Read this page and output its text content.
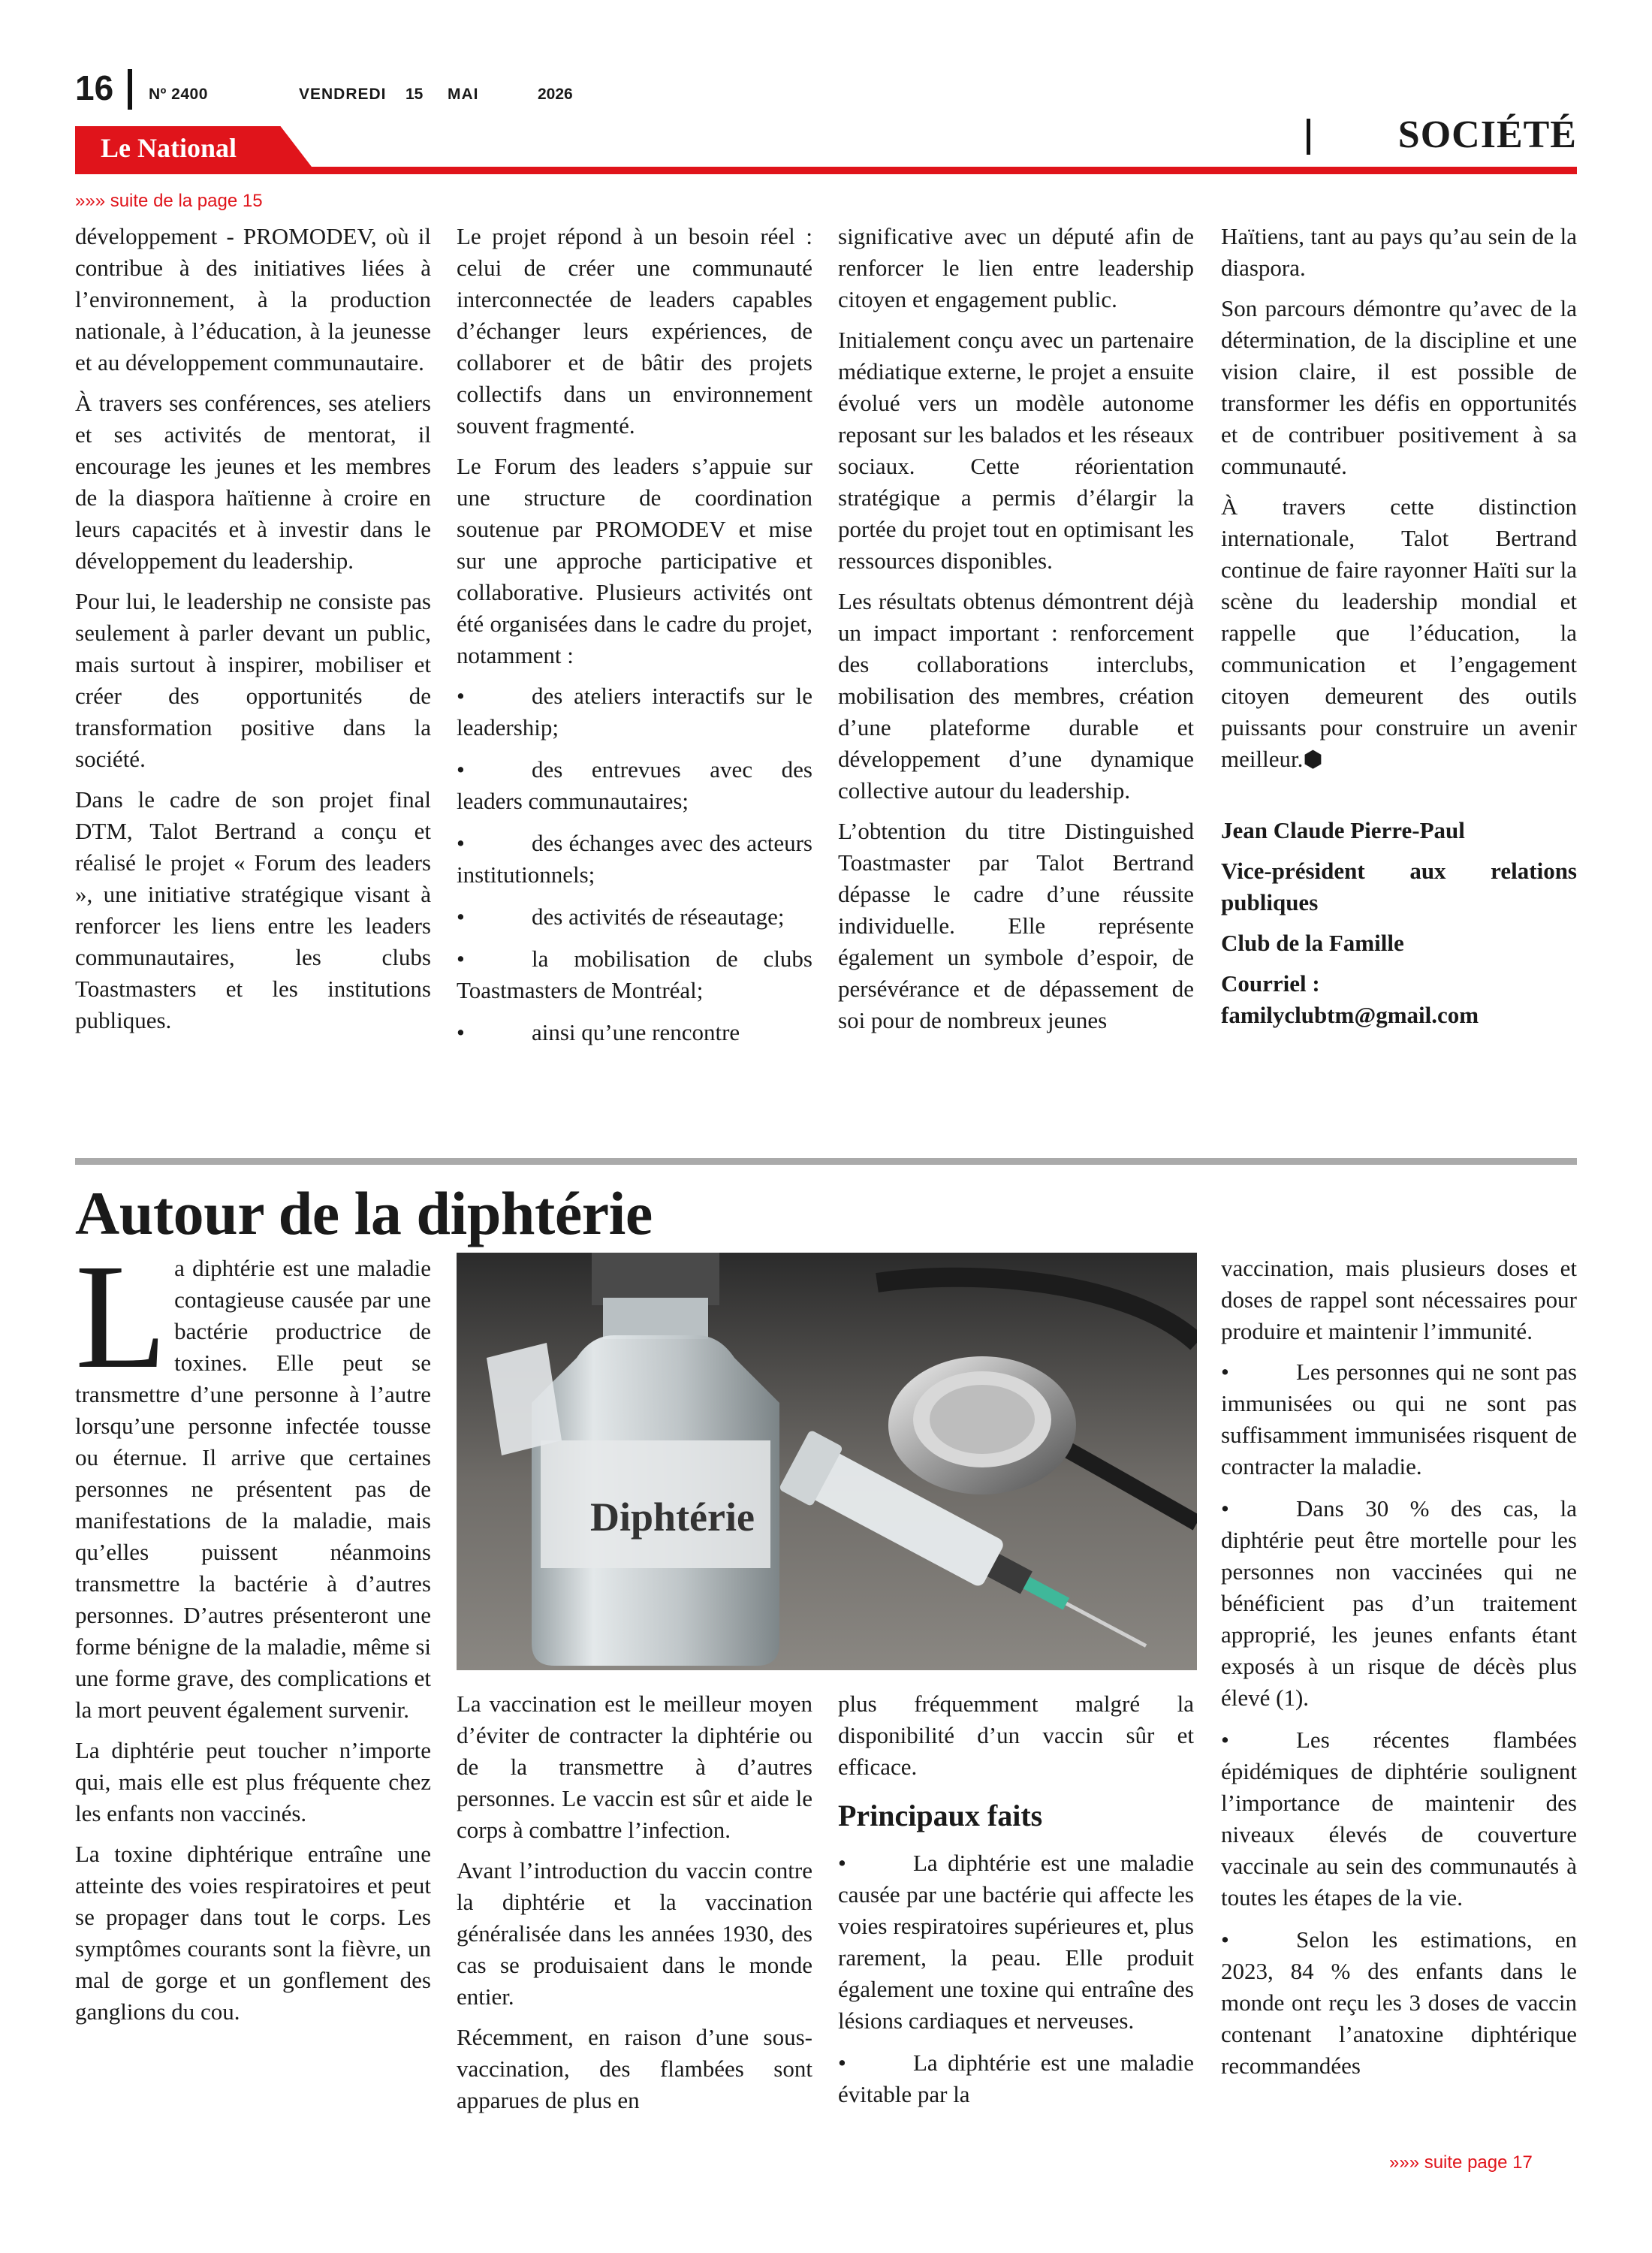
16 Nº 2400	VENDREDI 15 MAI	2026
Le National	SOCIÉTÉ
»»» suite de la page 15

développement - PROMODEV, où il contribue à des initiatives liées à l’environnement, à la production nationale, à l’éducation, à la jeunesse et au développement communautaire.

À travers ses conférences, ses ateliers et ses activités de mentorat, il encourage les jeunes et les membres de la diaspora haïtienne à croire en leurs capacités et à investir dans le développement du leadership.

Pour lui, le leadership ne consiste pas seulement à parler devant un public, mais surtout à inspirer, mobiliser et créer des opportunités de transformation positive dans la société.

Dans le cadre de son projet final DTM, Talot Bertrand a conçu et réalisé le projet « Forum des leaders », une initiative stratégique visant à renforcer les liens entre les leaders communautaires, les clubs Toastmasters et les institutions publiques.

Le projet répond à un besoin réel : celui de créer une communauté interconnectée de leaders capables d’échanger leurs expériences, de collaborer et de bâtir des projets collectifs dans un environnement souvent fragmenté.

Le Forum des leaders s’appuie sur une structure de coordination soutenue par PROMODEV et mise sur une approche participative et collaborative. Plusieurs activités ont été organisées dans le cadre du projet, notamment :

•	des ateliers interactifs sur le leadership;
•	des entrevues avec des leaders communautaires;
•	des échanges avec des acteurs institutionnels;
•	des activités de réseautage;
•	la mobilisation de clubs Toastmasters de Montréal;
•	ainsi qu’une rencontre

significative avec un député afin de renforcer le lien entre leadership citoyen et engagement public.

Initialement conçu avec un partenaire médiatique externe, le projet a ensuite évolué vers un modèle autonome reposant sur les balados et les réseaux sociaux. Cette réorientation stratégique a permis d’élargir la portée du projet tout en optimisant les ressources disponibles.

Les résultats obtenus démontrent déjà un impact important : renforcement des collaborations interclubs, mobilisation des membres, création d’une plateforme durable et développement d’une dynamique collective autour du leadership.

L’obtention du titre Distinguished Toastmaster par Talot Bertrand dépasse le cadre d’une réussite individuelle. Elle représente également un symbole d’espoir, de persévérance et de dépassement de soi pour de nombreux jeunes

Haïtiens, tant au pays qu’au sein de la diaspora.

Son parcours démontre qu’avec de la détermination, de la discipline et une vision claire, il est possible de transformer les défis en opportunités et de contribuer positivement à sa communauté.

À travers cette distinction internationale, Talot Bertrand continue de faire rayonner Haïti sur la scène du leadership mondial et rappelle que l’éducation, la communication et l’engagement citoyen demeurent des outils puissants pour construire un avenir meilleur.⬢

Jean Claude Pierre-Paul

Vice-président aux relations publiques

Club de la Famille

Courriel : familyclubtm@gmail.com

Autour de la diphtérie

La diphtérie est une maladie contagieuse causée par une bactérie productrice de toxines. Elle peut se transmettre d’une personne à l’autre lorsqu’une personne infectée tousse ou éternue. Il arrive que certaines personnes ne présentent pas de manifestations de la maladie, mais qu’elles puissent néanmoins transmettre la bactérie à d’autres personnes. D’autres présenteront une forme bénigne de la maladie, même si une forme grave, des complications et la mort peuvent également survenir.

La diphtérie peut toucher n’importe qui, mais elle est plus fréquente chez les enfants non vaccinés.

La toxine diphtérique entraîne une atteinte des voies respiratoires et peut se propager dans tout le corps. Les symptômes courants sont la fièvre, un mal de gorge et un gonflement des ganglions du cou.

Diphtérie

La vaccination est le meilleur moyen d’éviter de contracter la diphtérie ou de la transmettre à d’autres personnes. Le vaccin est sûr et aide le corps à combattre l’infection.

Avant l’introduction du vaccin contre la diphtérie et la vaccination généralisée dans les années 1930, des cas se produisaient dans le monde entier.

Récemment, en raison d’une sous-vaccination, des flambées sont apparues de plus en

plus fréquemment malgré la disponibilité d’un vaccin sûr et efficace.

Principaux faits
•	La diphtérie est une maladie causée par une bactérie qui affecte les voies respiratoires supérieures et, plus rarement, la peau. Elle produit également une toxine qui entraîne des lésions cardiaques et nerveuses.
•	La diphtérie est une maladie évitable par la

vaccination, mais plusieurs doses et doses de rappel sont nécessaires pour produire et maintenir l’immunité.

•	Les personnes qui ne sont pas immunisées ou qui ne sont pas suffisamment immunisées risquent de contracter la maladie.
•	Dans 30 % des cas, la diphtérie peut être mortelle pour les personnes non vaccinées qui ne bénéficient pas d’un traitement approprié, les jeunes enfants étant exposés à un risque de décès plus élevé (1).
•	Les récentes flambées épidémiques de diphtérie soulignent l’importance de maintenir des niveaux élevés de couverture vaccinale au sein des communautés à toutes les étapes de la vie.
•	Selon les estimations, en 2023, 84 % des enfants dans le monde ont reçu les 3 doses de vaccin contenant l’anatoxine diphtérique recommandées
»»» suite page 17
